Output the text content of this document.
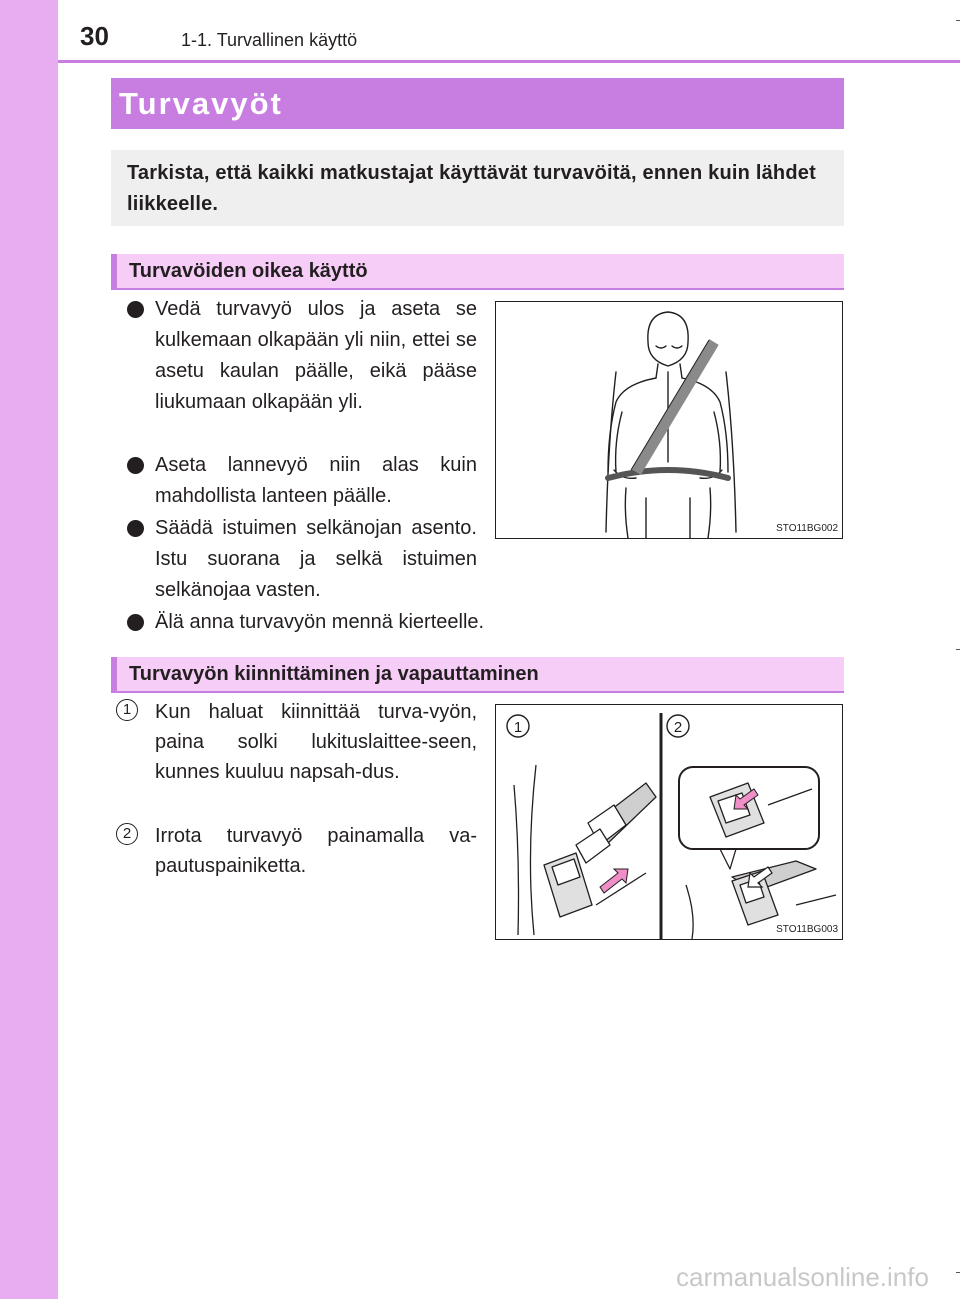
30	1-1. Turvallinen käyttö
Turvavyöt

Tarkista, että kaikki matkustajat käyttävät turvavöitä, ennen kuin lähdet liikkeelle.

Turvavöiden oikea käyttö
Vedä turvavyö ulos ja aseta se kulkemaan olkapään yli niin, ettei se asetu kaulan päälle, eikä pääse liukumaan olkapään yli.
Aseta lannevyö niin alas kuin mahdollista lanteen päälle.
Säädä istuimen selkänojan asento. Istu suorana ja selkä istuimen selkänojaa vasten.
Älä anna turvavyön mennä kierteelle.
STO11BG002
Turvavyön kiinnittäminen ja vapauttaminen
1	Kun haluat kiinnittää turva-vyön, paina solki lukituslaittee-seen, kunnes kuuluu napsah-dus.
2	Irrota turvavyö painamalla va-pautuspainiketta.
1	2
STO11BG003
carmanualsonline.info
